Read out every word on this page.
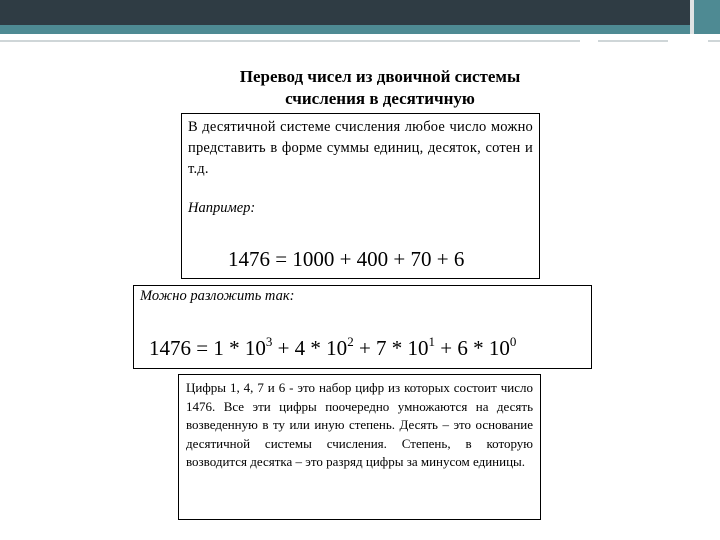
Перевод чисел из двоичной системы
счисления в десятичную
В десятичной системе счисления любое число можно представить в форме суммы единиц, десяток, сотен и т.д.
Например:
1476 = 1000 + 400 + 70 + 6
Можно разложить так:
$1476 = 1 * 10^3 + 4 * 10^2 + 7 * 10^1 + 6 * 10^0$
Цифры 1, 4, 7 и 6 - это набор цифр из которых состоит число 1476. Все эти цифры поочередно умножаются на десять возведенную в ту или иную степень. Десять – это основание десятичной системы счисления. Степень, в которую возводится десятка – это разряд цифры за минусом единицы.
